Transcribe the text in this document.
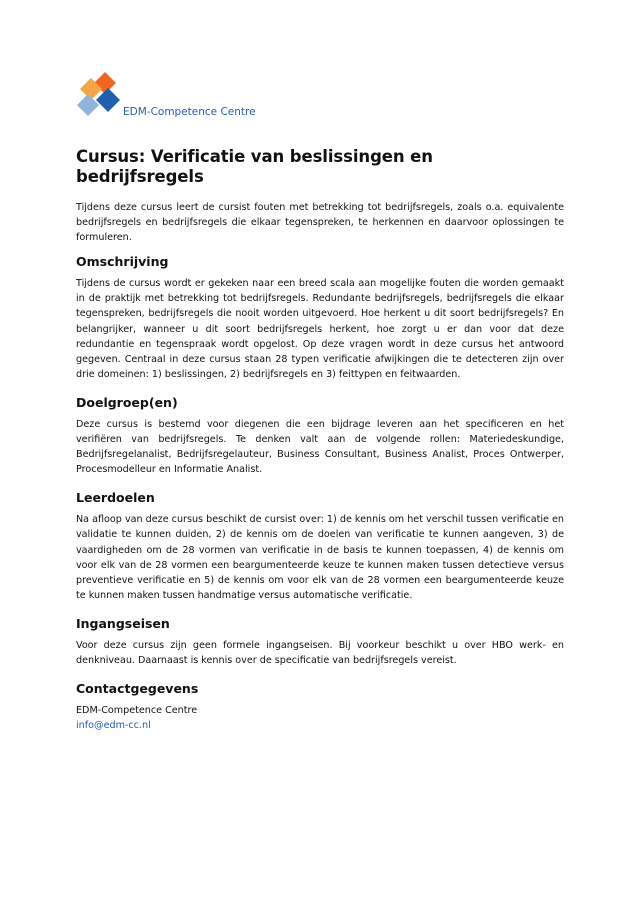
EDM-Competence Centre
Cursus: Verificatie van beslissingen en bedrijfsregels

Tijdens deze cursus leert de cursist fouten met betrekking tot bedrijfsregels, zoals o.a. equivalente bedrijfsregels en bedrijfsregels die elkaar tegenspreken, te herkennen en daarvoor oplossingen te formuleren.

Omschrijving

Tijdens de cursus wordt er gekeken naar een breed scala aan mogelijke fouten die worden gemaakt in de praktijk met betrekking tot bedrijfsregels. Redundante bedrijfsregels, bedrijfsregels die elkaar tegenspreken, bedrijfsregels die nooit worden uitgevoerd. Hoe herkent u dit soort bedrijfsregels? En belangrijker, wanneer u dit soort bedrijfsregels herkent, hoe zorgt u er dan voor dat deze redundantie en tegenspraak wordt opgelost. Op deze vragen wordt in deze cursus het antwoord gegeven. Centraal in deze cursus staan 28 typen verificatie afwijkingen die te detecteren zijn over drie domeinen: 1) beslissingen, 2) bedrijfsregels en 3) feittypen en feitwaarden.

Doelgroep(en)

Deze cursus is bestemd voor diegenen die een bijdrage leveren aan het specificeren en het verifiëren van bedrijfsregels. Te denken valt aan de volgende rollen: Materiedeskundige, Bedrijfsregelanalist, Bedrijfsregelauteur, Business Consultant, Business Analist, Proces Ontwerper, Procesmodelleur en Informatie Analist.

Leerdoelen

Na afloop van deze cursus beschikt de cursist over: 1) de kennis om het verschil tussen verificatie en validatie te kunnen duiden, 2) de kennis om de doelen van verificatie te kunnen aangeven, 3) de vaardigheden om de 28 vormen van verificatie in de basis te kunnen toepassen, 4) de kennis om voor elk van de 28 vormen een beargumenteerde keuze te kunnen maken tussen detectieve versus preventieve verificatie en 5) de kennis om voor elk van de 28 vormen een beargumenteerde keuze te kunnen maken tussen handmatige versus automatische verificatie.

Ingangseisen

Voor deze cursus zijn geen formele ingangseisen. Bij voorkeur beschikt u over HBO werk- en denkniveau. Daarnaast is kennis over de specificatie van bedrijfsregels vereist.

Contactgegevens
EDM-Competence Centre
info@edm-cc.nl
